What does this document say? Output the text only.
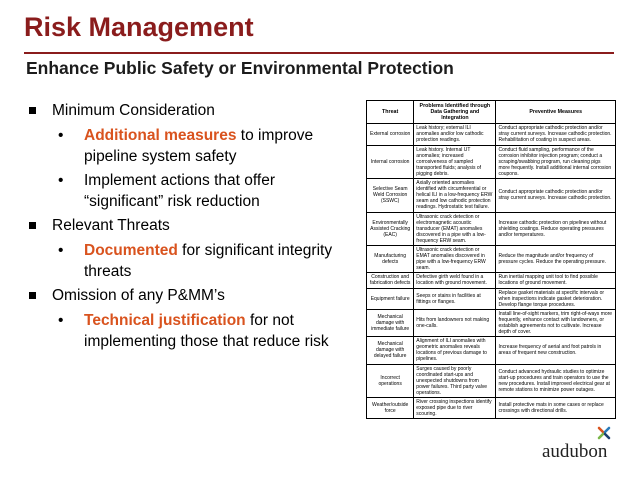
Risk Management
Enhance Public Safety or Environmental Protection
Minimum Consideration
• Additional measures to improve pipeline system safety
• Implement actions that offer “significant” risk reduction
Relevant Threats
• Documented for significant integrity threats
Omission of any P&MM’s
• Technical justification for not implementing those that reduce risk
Threat	Problems Identified through Data Gathering and Integration	Preventive Measures
External corrosion	Leak history; external ILI anomalies and/or low cathodic protection readings.	Conduct appropriate cathodic protection and/or stray current surveys. Increase cathodic protection. Rehabilitation of coating in suspect areas.
Internal corrosion	Leak history. Internal UT anomalies; increased corrosiveness of sampled transported fluids; analysis of pigging debris.	Conduct fluid sampling, performance of the corrosion inhibitor injection program; conduct a scraping/swabbing program, run cleaning pigs more frequently. Install additional internal corrosion coupons.
Selective Seam Weld Corrosion (SSWC)	Axially oriented anomalies identified with circumferential or helical ILI in a low-frequency ERW seam and low cathodic protection readings. Hydrostatic test failure.	Conduct appropriate cathodic protection and/or stray current surveys. Increase cathodic protection.
Environmentally Assisted Cracking (EAC)	Ultrasonic crack detection or electromagnetic acoustic transducer (EMAT) anomalies discovered in a pipe with a low-frequency ERW seam.	Increase cathodic protection on pipelines without shielding coatings. Reduce operating pressures and/or temperatures.
Manufacturing defects	Ultrasonic crack detection or EMAT anomalies discovered in pipe with a low-frequency ERW seam.	Reduce the magnitude and/or frequency of pressure cycles. Reduce the operating pressure.
Construction and fabrication defects	Defective girth weld found in a location with ground movement.	Run inertial mapping unit tool to find possible locations of ground movement.
Equipment failure	Seeps or stains in facilities at fittings or flanges.	Replace gasket materials at specific intervals or when inspections indicate gasket deterioration. Develop flange torque procedures.
Mechanical damage with immediate failure	Hits from landowners not making one-calls.	Install line-of-sight markers, trim right-of-ways more frequently, enhance contact with landowners, or establish agreements not to cultivate. Increase depth of cover.
Mechanical damage with delayed failure	Alignment of ILI anomalies with geometric anomalies reveals locations of previous damage to pipelines.	Increase frequency of aerial and foot patrols in areas of frequent new construction.
Incorrect operations	Surges caused by poorly coordinated start-ups and unexpected shutdowns from power failures. Third party valve operations.	Conduct advanced hydraulic studies to optimize start-up procedures and train operators to use the new procedures. Install improved electrical gear at remote stations to minimize power outages.
Weather/outside force	River crossing inspections identify exposed pipe due to river scouring.	Install protective mats in some cases or replace crossings with directional drills.
audubon
